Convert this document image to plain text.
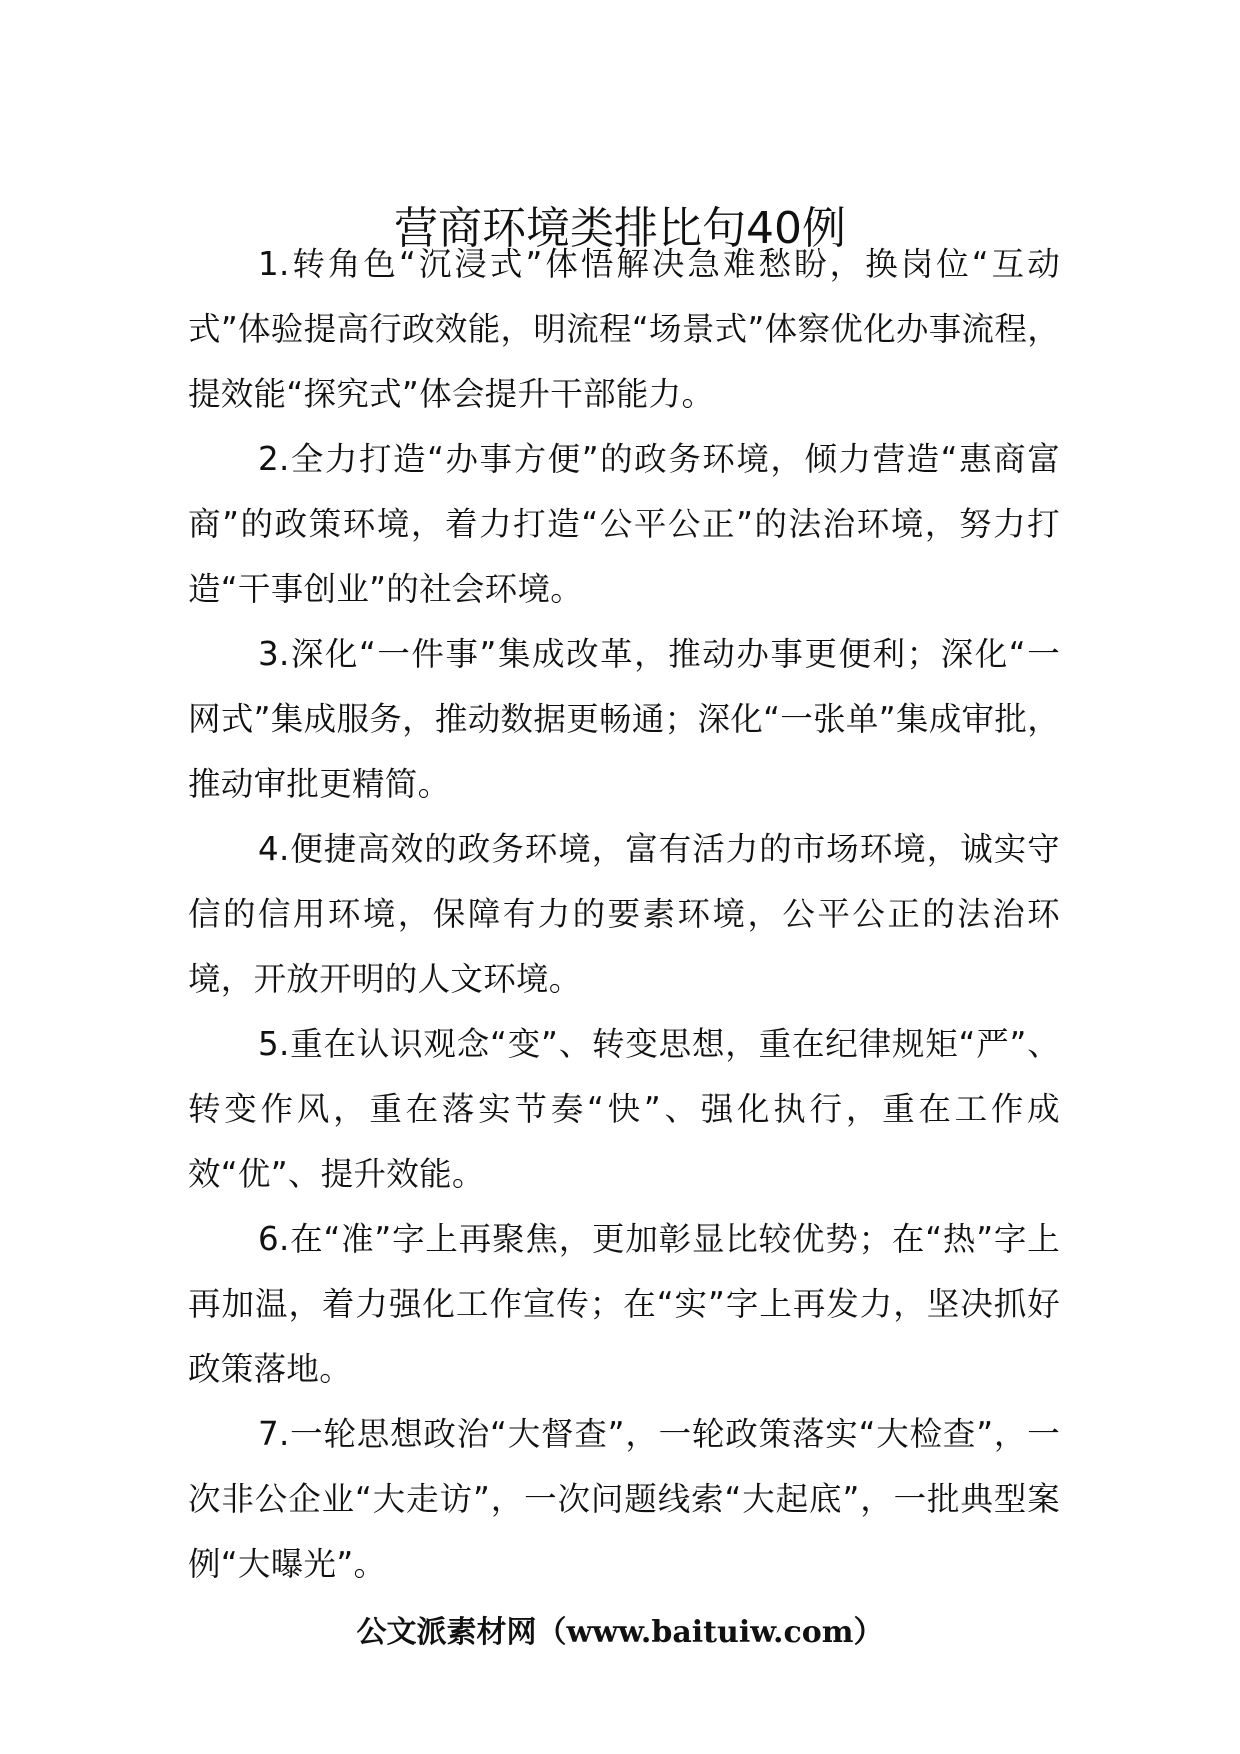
营商环境类排比句40例

1.转角色“沉浸式”体悟解决急难愁盼，换岗位“互动式”体验提高行政效能，明流程“场景式”体察优化办事流程，提效能“探究式”体会提升干部能力。

2.全力打造“办事方便”的政务环境，倾力营造“惠商富商”的政策环境，着力打造“公平公正”的法治环境，努力打造“干事创业”的社会环境。

3.深化“一件事”集成改革，推动办事更便利；深化“一网式”集成服务，推动数据更畅通；深化“一张单”集成审批，推动审批更精简。

4.便捷高效的政务环境，富有活力的市场环境，诚实守信的信用环境，保障有力的要素环境，公平公正的法治环境，开放开明的人文环境。

5.重在认识观念“变”、转变思想，重在纪律规矩“严”、转变作风，重在落实节奏“快”、强化执行，重在工作成效“优”、提升效能。

6.在“准”字上再聚焦，更加彰显比较优势；在“热”字上再加温，着力强化工作宣传；在“实”字上再发力，坚决抓好政策落地。

7.一轮思想政治“大督查”，一轮政策落实“大检查”，一次非公企业“大走访”，一次问题线索“大起底”，一批典型案例“大曝光”。

公文派素材网（www.baituiw.com）
